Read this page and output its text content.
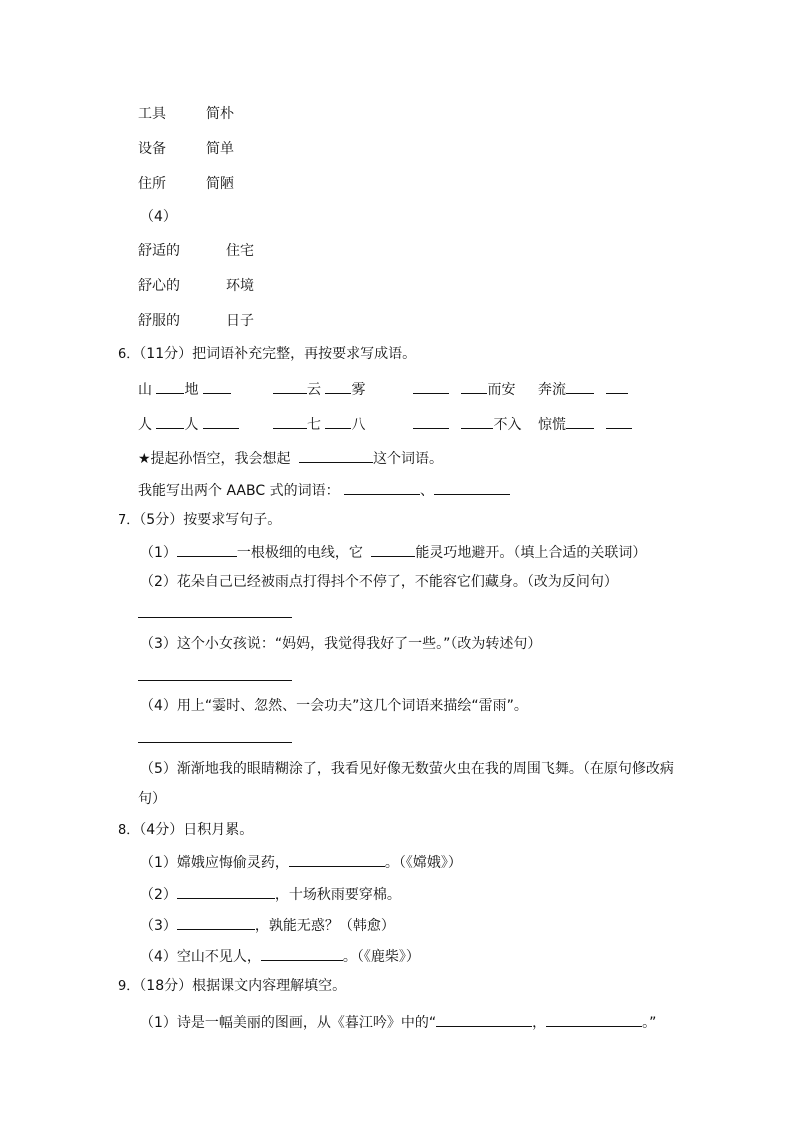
工具	简朴
设备	简单
住所	简陋
（4）
舒适的	住宅
舒心的	环境
舒服的	日子
6．（11分）把词语补充完整，再按要求写成语。
山 地	云 雾	而安 奔流
人 人	七 八	不入 惊慌
★提起孙悟空，我会想起	这个词语。
我能写出两个 AABC 式的词语：	、
7．（5分）按要求写句子。
（1）	一根极细的电线，它	能灵巧地避开。（填上合适的关联词）
（2）花朵自己已经被雨点打得抖个不停了，不能容它们藏身。（改为反问句）
（3）这个小女孩说：“妈妈，我觉得我好了一些。”（改为转述句）
（4）用上“霎时、忽然、一会功夫”这几个词语来描绘“雷雨”。
（5）渐渐地我的眼睛糊涂了，我看见好像无数萤火虫在我的周围飞舞。（在原句修改病
句）
8．（4分）日积月累。
（1）嫦娥应悔偷灵药，	。（《嫦娥》）
（2）	，十场秋雨要穿棉。
（3）	，孰能无惑？（韩愈）
（4）空山不见人，	。（《鹿柴》）
9．（18分）根据课文内容理解填空。
（1）诗是一幅美丽的图画，从《暮江吟》中的“	，	。”
